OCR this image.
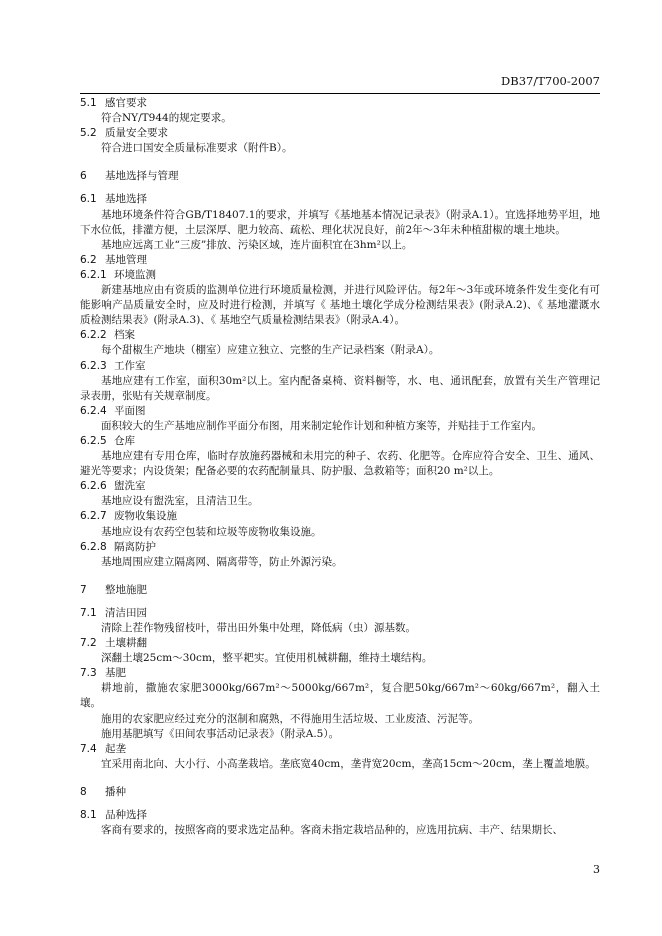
DB37/T700-2007
5.1 感官要求
符合NY/T944的规定要求。
5.2 质量安全要求
符合进口国安全质量标准要求（附件B）。
6 基地选择与管理
6.1 基地选择
基地环境条件符合GB/T18407.1的要求，并填写《基地基本情况记录表》（附录A.1）。宜选择地势平坦，地下水位低，排灌方便，土层深厚、肥力较高、疏松、理化状况良好，前2年～3年未种植甜椒的壤土地块。
基地应远离工业“三废”排放、污染区域，连片面积宜在3hm²以上。
6.2 基地管理
6.2.1 环境监测
新建基地应由有资质的监测单位进行环境质量检测，并进行风险评估。每2年～3年或环境条件发生变化有可能影响产品质量安全时，应及时进行检测，并填写《 基地土壤化学成分检测结果表》(附录A.2)、《 基地灌溉水质检测结果表》(附录A.3)、《 基地空气质量检测结果表》（附录A.4）。
6.2.2 档案
每个甜椒生产地块（棚室）应建立独立、完整的生产记录档案（附录A）。
6.2.3 工作室
基地应建有工作室，面积30m²以上。室内配备桌椅、资料橱等，水、电、通讯配套，放置有关生产管理记录表册，张贴有关规章制度。
6.2.4 平面图
面积较大的生产基地应制作平面分布图，用来制定轮作计划和种植方案等，并贴挂于工作室内。
6.2.5 仓库
基地应建有专用仓库，临时存放施药器械和未用完的种子、农药、化肥等。仓库应符合安全、卫生、通风、避光等要求；内设货架；配备必要的农药配制量具、防护服、急救箱等；面积20 m²以上。
6.2.6 盥洗室
基地应设有盥洗室，且清洁卫生。
6.2.7 废物收集设施
基地应设有农药空包装和垃圾等废物收集设施。
6.2.8 隔离防护
基地周围应建立隔离网、隔离带等，防止外源污染。
7 整地施肥
7.1 清洁田园
清除上茬作物残留枝叶，带出田外集中处理，降低病（虫）源基数。
7.2 土壤耕翻
深翻土壤25cm～30cm，整平耙实。宜使用机械耕翻，维持土壤结构。
7.3 基肥
耕地前，撒施农家肥3000kg/667m²～5000kg/667m²，复合肥50kg/667m²～60kg/667m²，翻入土壤。
施用的农家肥应经过充分的沤制和腐熟，不得施用生活垃圾、工业废渣、污泥等。
施用基肥填写《田间农事活动记录表》（附录A.5）。
7.4 起垄
宜采用南北向、大小行、小高垄栽培。垄底宽40cm，垄背宽20cm，垄高15cm～20cm，垄上覆盖地膜。
8 播种
8.1 品种选择
客商有要求的，按照客商的要求选定品种。客商未指定栽培品种的，应选用抗病、丰产、结果期长、
3
